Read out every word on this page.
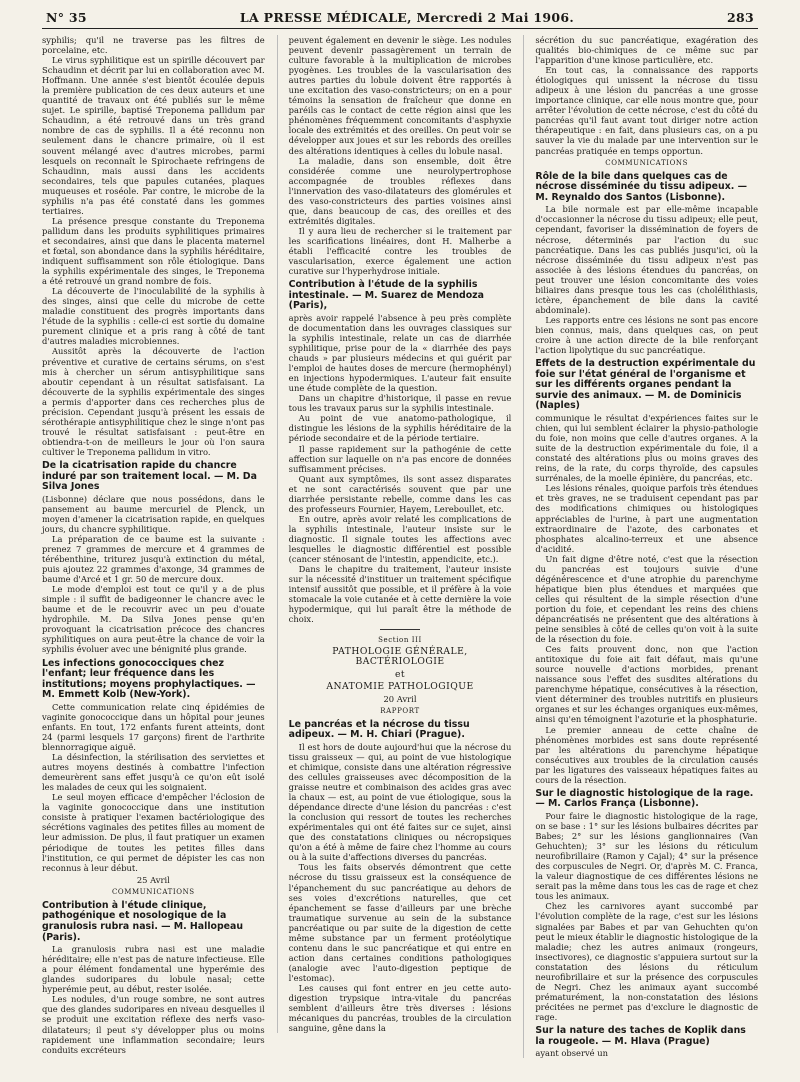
N° 35	LA PRESSE MÉDICALE, Mercredi 2 Mai 1906.	283

syphilis; qu'il ne traverse pas les filtres de porcelaine, etc.

Le virus syphilitique est un spirille découvert par Schaudinn et décrit par lui en collaboration avec M. Hoffmann. Une année s'est bientôt écoulée depuis la première publication de ces deux auteurs et une quantité de travaux ont été publiés sur le même sujet. Le spirille, baptisé Treponema pallidum par Schaudinn, a été retrouvé dans un très grand nombre de cas de syphilis. Il a été reconnu non seulement dans le chancre primaire, où il est souvent mélangé avec d'autres microbes, parmi lesquels on reconnaît le Spirochaete refringens de Schaudinn, mais aussi dans les accidents secondaires, tels que papules cutanées, plaques muqueuses et roséole. Par contre, le microbe de la syphilis n'a pas été constaté dans les gommes tertiaires.

La présence presque constante du Treponema pallidum dans les produits syphilitiques primaires et secondaires, ainsi que dans le placenta maternel et fœtal, son abondance dans la syphilis héréditaire, indiquent suffisamment son rôle étiologique. Dans la syphilis expérimentale des singes, le Treponema a été retrouvé un grand nombre de fois.

La découverte de l'inoculabilité de la syphilis à des singes, ainsi que celle du microbe de cette maladie constituent des progrès importants dans l'étude de la syphilis : celle-ci est sortie du domaine purement clinique et a pris rang à côté de tant d'autres maladies microbiennes.

Aussitôt après la découverte de l'action préventive et curative de certains sérums, on s'est mis à chercher un sérum antisyphilitique sans aboutir cependant à un résultat satisfaisant. La découverte de la syphilis expérimentale des singes a permis d'apporter dans ces recherches plus de précision. Cependant jusqu'à présent les essais de sérothérapie antisyphilitique chez le singe n'ont pas trouvé le résultat satisfaisant : peut-être en obtiendra-t-on de meilleurs le jour où l'on saura cultiver le Treponema pallidum in vitro.

De la cicatrisation rapide du chancre induré par son traitement local. — M. Da Silva Jones

(Lisbonne) déclare que nous possédons, dans le pansement au baume mercuriel de Plenck, un moyen d'amener la cicatrisation rapide, en quelques jours, du chancre syphilitique.

La préparation de ce baume est la suivante : prenez 7 grammes de mercure et 4 grammes de térébenthine, triturez jusqu'à extinction du métal, puis ajoutez 22 grammes d'axonge, 34 grammes de baume d'Arcé et 1 gr. 50 de mercure doux.

Le mode d'emploi est tout ce qu'il y a de plus simple : il suffit de badigeonner le chancre avec le baume et de le recouvrir avec un peu d'ouate hydrophile. M. Da Silva Jones pense qu'en provoquant la cicatrisation précoce des chancres syphilitiques on aura peut-être la chance de voir la syphilis évoluer avec une bénignité plus grande.

Les infections gonococciques chez l'enfant; leur fréquence dans les institutions; moyens prophylactiques. — M. Emmett Kolb (New-York).

Cette communication relate cinq épidémies de vaginite gonococcique dans un hôpital pour jeunes enfants. En tout, 172 enfants furent atteints, dont 24 (parmi lesquels 17 garçons) firent de l'arthrite blennorragique aiguë.

La désinfection, la stérilisation des serviettes et autres moyens destinés à combattre l'infection demeurèrent sans effet jusqu'à ce qu'on eût isolé les malades de ceux qui les soignaient.

Le seul moyen efficace d'empêcher l'éclosion de la vaginite gonococcique dans une institution consiste à pratiquer l'examen bactériologique des sécrétions vaginales des petites filles au moment de leur admission. De plus, il faut pratiquer un examen périodique de toutes les petites filles dans l'institution, ce qui permet de dépister les cas non reconnus à leur début.

25 Avril

COMMUNICATIONS

Contribution à l'étude clinique, pathogénique et nosologique de la granulosis rubra nasi. — M. Hallopeau (Paris).

La granulosis rubra nasi est une maladie héréditaire; elle n'est pas de nature infectieuse. Elle a pour élément fondamental une hyperémie des glandes sudoripares du lobule nasal; cette hyperémie peut, au début, rester isolée.

Les nodules, d'un rouge sombre, ne sont autres que des glandes sudoripares en niveau desquelles il se produit une excitation réflexe des nerfs vaso-dilatateurs; il peut s'y développer plus ou moins rapidement une inflammation secondaire; leurs conduits excréteurs

peuvent également en devenir le siège. Les nodules peuvent devenir passagèrement un terrain de culture favorable à la multiplication de microbes pyogènes. Les troubles de la vascularisation des autres parties du lobule doivent être rapportés à une excitation des vaso-constricteurs; on en a pour témoins la sensation de fraîcheur que donne en paréils cas le contact de cette région ainsi que les phénomènes fréquemment concomitants d'asphyxie locale des extrémités et des oreilles. On peut voir se développer aux joues et sur les rebords des oreilles des altérations identiques à celles du lobule nasal.

La maladie, dans son ensemble, doit être considérée comme une neurolypertrophose accompagnée de troubles réflexes dans l'innervation des vaso-dilatateurs des glomérules et des vaso-constricteurs des parties voisines ainsi que, dans beaucoup de cas, des oreilles et des extrémités digitales.

Il y aura lieu de rechercher si le traitement par les scarifications linéaires, dont H. Malherbe a établi l'efficacité contre les troubles de vascularisation, exerce également une action curative sur l'hyperhydrose initiale.

Contribution à l'étude de la syphilis intestinale. — M. Suarez de Mendoza (Paris),

après avoir rappelé l'absence à peu près complète de documentation dans les ouvrages classiques sur la syphilis intestinale, relate un cas de diarrhée syphilitique, prise pour de la « diarrhée des pays chauds » par plusieurs médecins et qui guérit par l'emploi de hautes doses de mercure (hermophényl) en injections hypodermiques. L'auteur fait ensuite une étude complète de la question.

Dans un chapitre d'historique, il passe en revue tous les travaux parus sur la syphilis intestinale.

Au point de vue anatomo-pathologique, il distingue les lésions de la syphilis héréditaire de la période secondaire et de la période tertiaire.

Il passe rapidement sur la pathogénie de cette affection sur laquelle on n'a pas encore de données suffisamment précises.

Quant aux symptômes, ils sont assez disparates et ne sont caractérisés souvent que par une diarrhée persistante rebelle, comme dans les cas des professeurs Fournier, Hayem, Lereboullet, etc.

En outre, après avoir relaté les complications de la syphilis intestinale, l'auteur insiste sur le diagnostic. Il signale toutes les affections avec lesquelles le diagnostic différentiel est possible (cancer sténosant de l'intestin, appendicite, etc.).

Dans le chapitre du traitement, l'auteur insiste sur la nécessité d'instituer un traitement spécifique intensif aussitôt que possible, et il préfère à la voie stomacale la voie cutanée et à cette dernière la voie hypodermique, qui lui paraît être la méthode de choix.

Section III

PATHOLOGIE GÉNÉRALE, BACTÉRIOLOGIE

et

ANATOMIE PATHOLOGIQUE

20 Avril

RAPPORT

Le pancréas et la nécrose du tissu adipeux. — M. H. Chiari (Prague).

Il est hors de doute aujourd'hui que la nécrose du tissu graisseux — qui, au point de vue histologique et chimique, consiste dans une altération régressive des cellules graisseuses avec décomposition de la graisse neutre et combinaison des acides gras avec la chaux — est, au point de vue étiologique, sous la dépendance directe d'une lésion du pancréas : c'est la conclusion qui ressort de toutes les recherches expérimentales qui ont été faites sur ce sujet, ainsi que des constatations cliniques ou nécropsiques qu'on a été à même de faire chez l'homme au cours ou à la suite d'affections diverses du pancréas.

Tous les faits observés démontrent que cette nécrose du tissu graisseux est la conséquence de l'épanchement du suc pancréatique au dehors de ses voies d'excrétions naturelles, que cet épanchement se fasse d'ailleurs par une brèche traumatique survenue au sein de la substance pancréatique ou par suite de la digestion de cette même substance par un ferment protéolytique contenu dans le suc pancréatique et qui entre en action dans certaines conditions pathologiques (analogie avec l'auto-digestion peptique de l'estomac).

Les causes qui font entrer en jeu cette auto-digestion trypsique intra-vitale du pancréas semblent d'ailleurs être très diverses : lésions mécaniques du pancréas, troubles de la circulation sanguine, gêne dans la

sécrétion du suc pancréatique, exagération des qualités bio-chimiques de ce même suc par l'apparition d'une kinose particulière, etc.

En tout cas, la connaissance des rapports étiologiques qui unissent la nécrose du tissu adipeux à une lésion du pancréas a une grosse importance clinique, car elle nous montre que, pour arrêter l'évolution de cette nécrose, c'est du côté du pancréas qu'il faut avant tout diriger notre action thérapeutique : en fait, dans plusieurs cas, on a pu sauver la vie du malade par une intervention sur le pancréas pratiquée en temps opportun.

COMMUNICATIONS

Rôle de la bile dans quelques cas de nécrose disséminée du tissu adipeux. — M. Reynaldo dos Santos (Lisbonne).

La bile normale est par elle-même incapable d'occasionner la nécrose du tissu adipeux; elle peut, cependant, favoriser la dissémination de foyers de nécrose, déterminés par l'action du suc pancréatique. Dans les cas publiés jusqu'ici, où la nécrose disséminée du tissu adipeux n'est pas associée à des lésions étendues du pancréas, on peut trouver une lésion concomitante des voies biliaires dans presque tous les cas (cholélithiasis, ictère, épanchement de bile dans la cavité abdominale).

Les rapports entre ces lésions ne sont pas encore bien connus, mais, dans quelques cas, on peut croire à une action directe de la bile renforçant l'action lipolytique du suc pancréatique.

Effets de la destruction expérimentale du foie sur l'état général de l'organisme et sur les différents organes pendant la survie des animaux. — M. de Dominicis (Naples)

communique le résultat d'expériences faites sur le chien, qui lui semblent éclairer la physio-pathologie du foie, non moins que celle d'autres organes. A la suite de la destruction expérimentale du foie, il a constaté des altérations plus ou moins graves des reins, de la rate, du corps thyroïde, des capsules surrénales, de la moelle épinière, du pancréas, etc.

Les lésions rénales, quoique parfois très étendues et très graves, ne se traduisent cependant pas par des modifications chimiques ou histologiques appréciables de l'urine, à part une augmentation extraordinaire de l'azote, des carbonates et phosphates alcalino-terreux et une absence d'acidité.

Un fait digne d'être noté, c'est que la résection du pancréas est toujours suivie d'une dégénérescence et d'une atrophie du parenchyme hépatique bien plus étendues et marquées que celles qui résultent de la simple résection d'une portion du foie, et cependant les reins des chiens dépancréatisés ne présentent que des altérations à peine sensibles à côté de celles qu'on voit à la suite de la résection du foie.

Ces faits prouvent donc, non que l'action antitoxique du foie ait fait défaut, mais qu'une source nouvelle d'actions morbides, prenant naissance sous l'effet des susdites altérations du parenchyme hépatique, consécutives à la résection, vient déterminer des troubles nutritifs en plusieurs organes et sur les échanges organiques eux-mêmes, ainsi qu'en témoignent l'azoturie et la phosphaturie.

Le premier anneau de cette chaîne de phénomènes morbides est sans doute représenté par les altérations du parenchyme hépatique consécutives aux troubles de la circulation causés par les ligatures des vaisseaux hépatiques faites au cours de la résection.

Sur le diagnostic histologique de la rage. — M. Carlos França (Lisbonne).

Pour faire le diagnostic histologique de la rage, on se base : 1° sur les lésions bulbaires décrites par Babes; 2° sur les lésions ganglionnaires (Van Gehuchten); 3° sur les lésions du réticulum neurofibrillaire (Ramon y Cajal); 4° sur la présence des corpuscules de Negri. Or, d'après M. C. Franca, la valeur diagnostique de ces différentes lésions ne serait pas la même dans tous les cas de rage et chez tous les animaux.

Chez les carnivores ayant succombé par l'évolution complète de la rage, c'est sur les lésions signalées par Babes et par van Gehuchten qu'on peut le mieux établir le diagnostic histologique de la maladie; chez les autres animaux (rongeurs, insectivores), ce diagnostic s'appuiera surtout sur la constatation des lésions du réticulum neurofibrillaire et sur la présence des corpuscules de Negri. Chez les animaux ayant succombé prématurément, la non-constatation des lésions précitées ne permet pas d'exclure le diagnostic de rage.

Sur la nature des taches de Koplik dans la rougeole. — M. Hlava (Prague)

ayant observé un
